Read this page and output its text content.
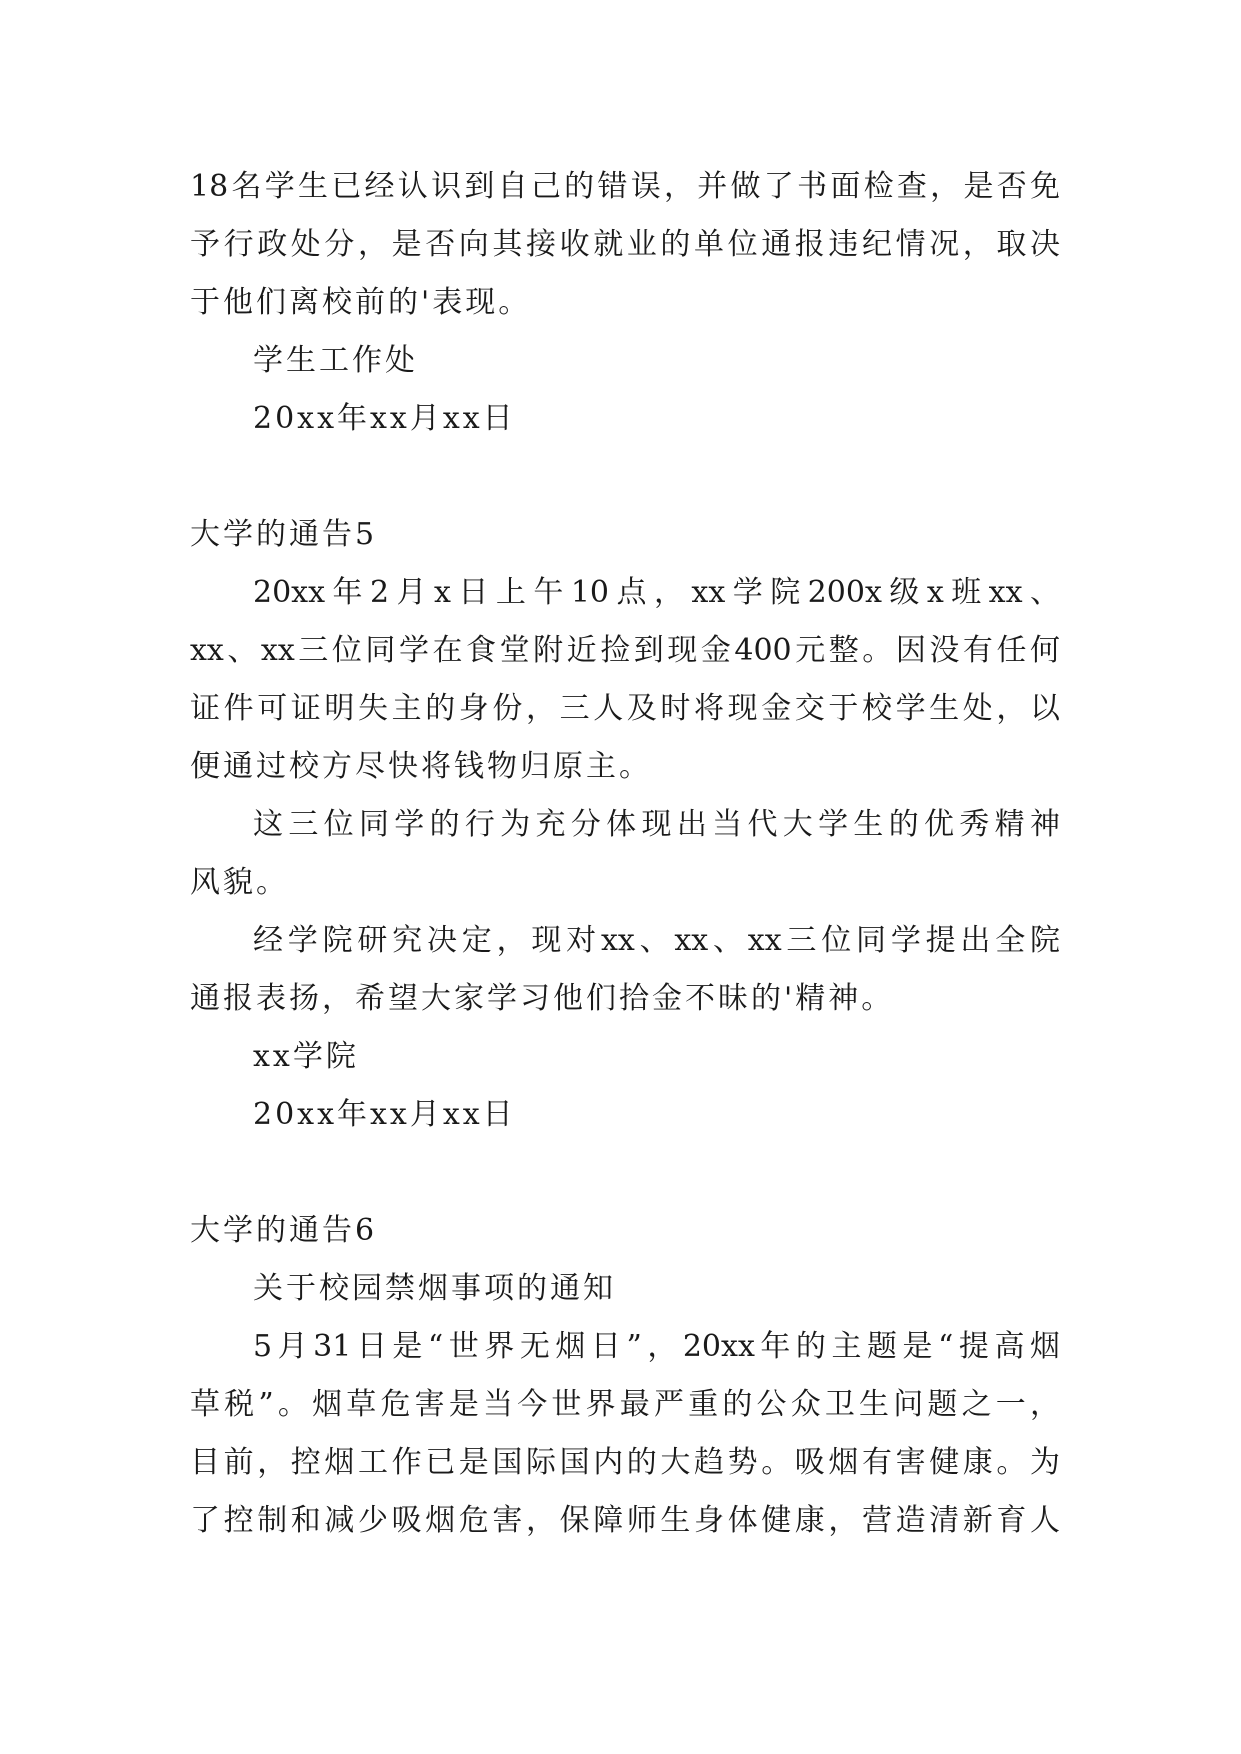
18名学生已经认识到自己的错误，并做了书面检查，是否免
予行政处分，是否向其接收就业的单位通报违纪情况，取决
于他们离校前的'表现。
学生工作处
20xx年xx月xx日
大学的通告5
20xx年2月x日上午10点，xx学院200x级x班xx、
xx、xx三位同学在食堂附近捡到现金400元整。因没有任何
证件可证明失主的身份，三人及时将现金交于校学生处，以
便通过校方尽快将钱物归原主。
这三位同学的行为充分体现出当代大学生的优秀精神
风貌。
经学院研究决定，现对xx、xx、xx三位同学提出全院
通报表扬，希望大家学习他们拾金不昧的'精神。
xx学院
20xx年xx月xx日
大学的通告6
关于校园禁烟事项的通知
5月31日是“世界无烟日”，20xx年的主题是“提高烟
草税”。烟草危害是当今世界最严重的公众卫生问题之一，
目前，控烟工作已是国际国内的大趋势。吸烟有害健康。为
了控制和减少吸烟危害，保障师生身体健康，营造清新育人
